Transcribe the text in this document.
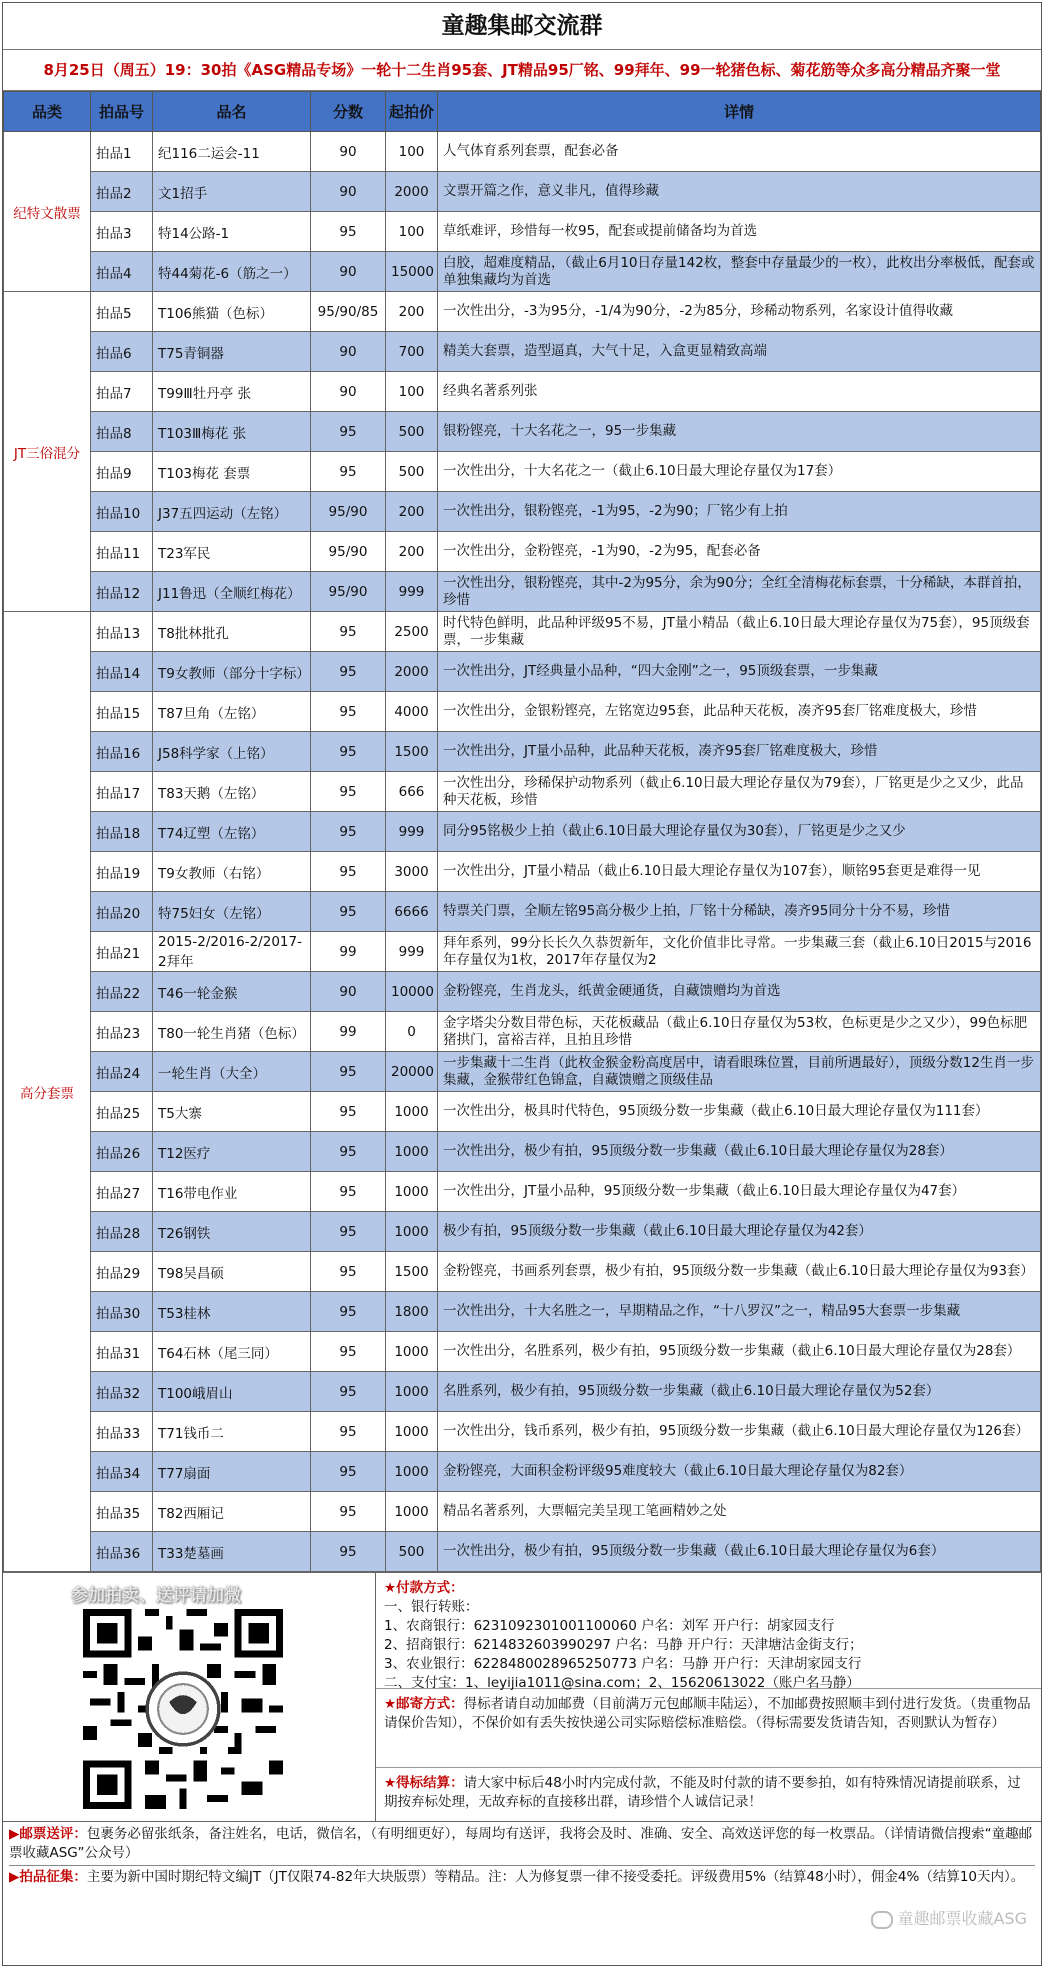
童趣集邮交流群
8月25日（周五）19：30拍《ASG精品专场》一轮十二生肖95套、JT精品95厂铭、99拜年、99一轮猪色标、菊花筋等众多高分精品齐聚一堂
品类	拍品号	品名	分数	起拍价	详情
纪特文散票	拍品1	纪116二运会-11	90	100	人气体育系列套票，配套必备
	拍品2	文1招手	90	2000	文票开篇之作，意义非凡，值得珍藏
	拍品3	特14公路-1	95	100	草纸难评，珍惜每一枚95，配套或提前储备均为首选
	拍品4	特44菊花-6（筋之一）	90	15000	白胶，超难度精品，（截止6月10日存量142枚，整套中存量最少的一枚），此枚出分率极低，配套或单独集藏均为首选
JT三俗混分	拍品5	T106熊猫（色标）	95/90/85	200	一次性出分，-3为95分，-1/4为90分，-2为85分，珍稀动物系列，名家设计值得收藏
	拍品6	T75青铜器	90	700	精美大套票，造型逼真，大气十足，入盒更显精致高端
	拍品7	T99Ⅲ牡丹亭 张	90	100	经典名著系列张
	拍品8	T103Ⅲ梅花 张	95	500	银粉铿亮，十大名花之一，95一步集藏
	拍品9	T103梅花 套票	95	500	一次性出分，十大名花之一（截止6.10日最大理论存量仅为17套）
	拍品10	J37五四运动（左铭）	95/90	200	一次性出分，银粉铿亮，-1为95，-2为90；厂铭少有上拍
	拍品11	T23军民	95/90	200	一次性出分，金粉铿亮，-1为90，-2为95，配套必备
	拍品12	J11鲁迅（全顺红梅花）	95/90	999	一次性出分，银粉铿亮，其中-2为95分，余为90分；全红全清梅花标套票，十分稀缺，本群首拍，珍惜
高分套票	拍品13	T8批林批孔	95	2500	时代特色鲜明，此品种评级95不易，JT量小精品（截止6.10日最大理论存量仅为75套），95顶级套票，一步集藏
	拍品14	T9女教师（部分十字标）	95	2000	一次性出分，JT经典量小品种，“四大金刚”之一，95顶级套票，一步集藏
	拍品15	T87旦角（左铭）	95	4000	一次性出分，金银粉铿亮，左铭宽边95套，此品种天花板，凑齐95套厂铭难度极大，珍惜
	拍品16	J58科学家（上铭）	95	1500	一次性出分，JT量小品种，此品种天花板，凑齐95套厂铭难度极大，珍惜
	拍品17	T83天鹅（左铭）	95	666	一次性出分，珍稀保护动物系列（截止6.10日最大理论存量仅为79套），厂铭更是少之又少，此品种天花板，珍惜
	拍品18	T74辽塑（左铭）	95	999	同分95铭极少上拍（截止6.10日最大理论存量仅为30套），厂铭更是少之又少
	拍品19	T9女教师（右铭）	95	3000	一次性出分，JT量小精品（截止6.10日最大理论存量仅为107套），顺铭95套更是难得一见
	拍品20	特75妇女（左铭）	95	6666	特票关门票，全顺左铭95高分极少上拍，厂铭十分稀缺，凑齐95同分十分不易，珍惜
	拍品21	2015-2/2016-2/2017-2拜年	99	999	拜年系列，99分长长久久恭贺新年，文化价值非比寻常。一步集藏三套（截止6.10日2015与2016年存量仅为1枚，2017年存量仅为2
	拍品22	T46一轮金猴	90	10000	金粉铿亮，生肖龙头，纸黄金硬通货，自藏馈赠均为首选
	拍品23	T80一轮生肖猪（色标）	99	0	金字塔尖分数目带色标，天花板藏品（截止6.10日存量仅为53枚，色标更是少之又少），99色标肥猪拱门，富裕吉祥，且拍且珍惜
	拍品24	一轮生肖（大全）	95	20000	一步集藏十二生肖（此枚金猴金粉高度居中，请看眼珠位置，目前所遇最好），顶级分数12生肖一步集藏，金猴带红色锦盒，自藏馈赠之顶级佳品
	拍品25	T5大寨	95	1000	一次性出分，极具时代特色，95顶级分数一步集藏（截止6.10日最大理论存量仅为111套）
	拍品26	T12医疗	95	1000	一次性出分，极少有拍，95顶级分数一步集藏（截止6.10日最大理论存量仅为28套）
	拍品27	T16带电作业	95	1000	一次性出分，JT量小品种，95顶级分数一步集藏（截止6.10日最大理论存量仅为47套）
	拍品28	T26钢铁	95	1000	极少有拍，95顶级分数一步集藏（截止6.10日最大理论存量仅为42套）
	拍品29	T98吴昌硕	95	1500	金粉铿亮，书画系列套票，极少有拍，95顶级分数一步集藏（截止6.10日最大理论存量仅为93套）
	拍品30	T53桂林	95	1800	一次性出分，十大名胜之一，早期精品之作，“十八罗汉”之一，精品95大套票一步集藏
	拍品31	T64石林（尾三同）	95	1000	一次性出分，名胜系列，极少有拍，95顶级分数一步集藏（截止6.10日最大理论存量仅为28套）
	拍品32	T100峨眉山	95	1000	名胜系列，极少有拍，95顶级分数一步集藏（截止6.10日最大理论存量仅为52套）
	拍品33	T71钱币二	95	1000	一次性出分，钱币系列，极少有拍，95顶级分数一步集藏（截止6.10日最大理论存量仅为126套）
	拍品34	T77扇面	95	1000	金粉铿亮，大面积金粉评级95难度较大（截止6.10日最大理论存量仅为82套）
	拍品35	T82西厢记	95	1000	精品名著系列，大票幅完美呈现工笔画精妙之处
	拍品36	T33楚墓画	95	500	一次性出分，极少有拍，95顶级分数一步集藏（截止6.10日最大理论存量仅为6套）
参加拍卖、送评请加微	★付款方式：
一、银行转账：
1、农商银行：6231092301001100060 户名：刘军 开户行：胡家园支行
2、招商银行：6214832603990297 户名：马静 开户行：天津塘沽金街支行；
3、农业银行：6228480028965250773 户名：马静 开户行：天津胡家园支行
二、支付宝：1、leyijia1011@sina.com；2、15620613022（账户名马静）
★邮寄方式：得标者请自动加邮费（目前满万元包邮顺丰陆运），不加邮费按照顺丰到付进行发货。（贵重物品请保价告知），不保价如有丢失按快递公司实际赔偿标准赔偿。（得标需要发货请告知，否则默认为暂存）
★得标结算：请大家中标后48小时内完成付款，不能及时付款的请不要参拍，如有特殊情况请提前联系，过期按弃标处理，无故弃标的直接移出群，请珍惜个人诚信记录！
▶邮票送评：包裹务必留张纸条，备注姓名，电话，微信名，（有明细更好），每周均有送评，我将会及时、准确、安全、高效送评您的每一枚票品。（详情请微信搜索“童趣邮票收藏ASG”公众号）
▶拍品征集：主要为新中国时期纪特文编JT（JT仅限74-82年大块版票）等精品。注：人为修复票一律不接受委托。评级费用5%（结算48小时），佣金4%（结算10天内）。
童趣邮票收藏ASG
